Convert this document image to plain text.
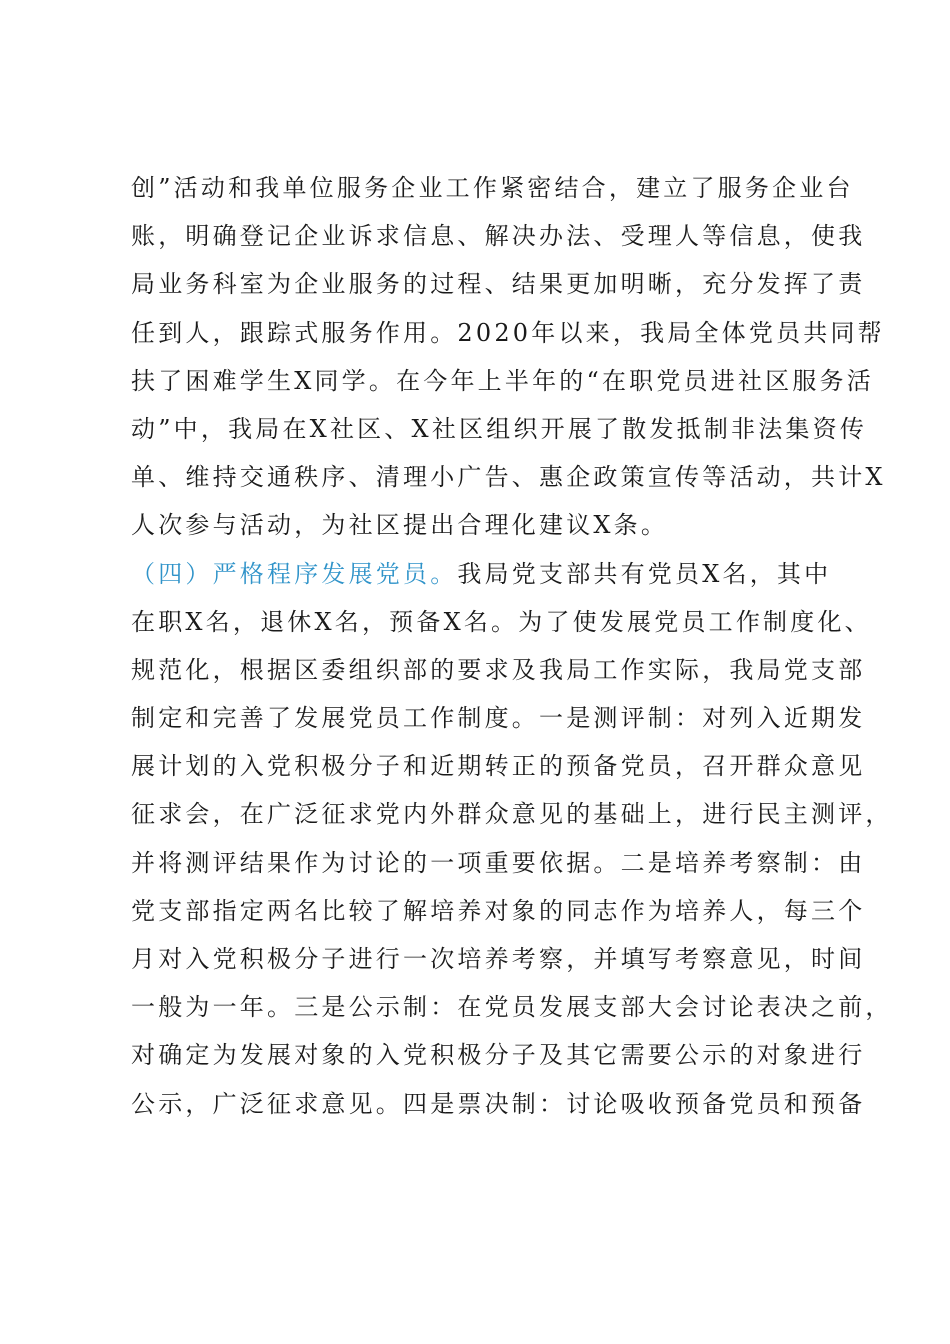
创”活动和我单位服务企业工作紧密结合，建立了服务企业台
账，明确登记企业诉求信息、解决办法、受理人等信息，使我
局业务科室为企业服务的过程、结果更加明晰，充分发挥了责
任到人，跟踪式服务作用。2020年以来，我局全体党员共同帮
扶了困难学生X同学。在今年上半年的“在职党员进社区服务活
动”中，我局在X社区、X社区组织开展了散发抵制非法集资传
单、维持交通秩序、清理小广告、惠企政策宣传等活动，共计X
人次参与活动，为社区提出合理化建议X条。
（四）严格程序发展党员。我局党支部共有党员X名，其中
在职X名，退休X名，预备X名。为了使发展党员工作制度化、
规范化，根据区委组织部的要求及我局工作实际，我局党支部
制定和完善了发展党员工作制度。一是测评制：对列入近期发
展计划的入党积极分子和近期转正的预备党员，召开群众意见
征求会，在广泛征求党内外群众意见的基础上，进行民主测评，
并将测评结果作为讨论的一项重要依据。二是培养考察制：由
党支部指定两名比较了解培养对象的同志作为培养人，每三个
月对入党积极分子进行一次培养考察，并填写考察意见，时间
一般为一年。三是公示制：在党员发展支部大会讨论表决之前，
对确定为发展对象的入党积极分子及其它需要公示的对象进行
公示，广泛征求意见。四是票决制：讨论吸收预备党员和预备
